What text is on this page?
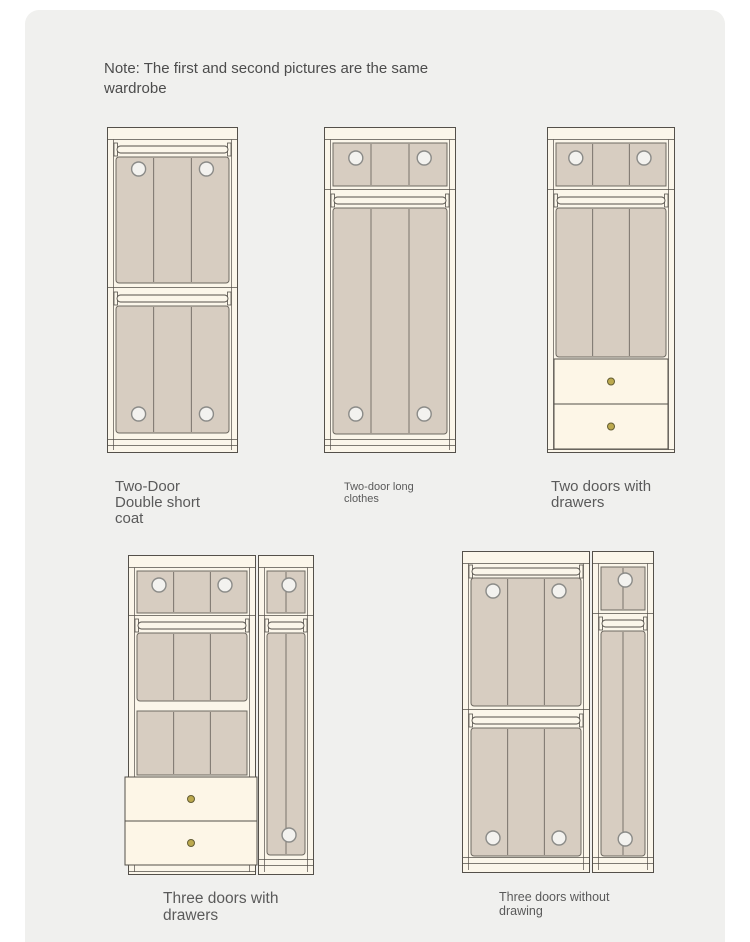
Note: The first and second pictures are the same wardrobe
Two-Door Double short coat
Two-door long clothes
Two doors with drawers
Three doors with drawers
Three doors without drawing
